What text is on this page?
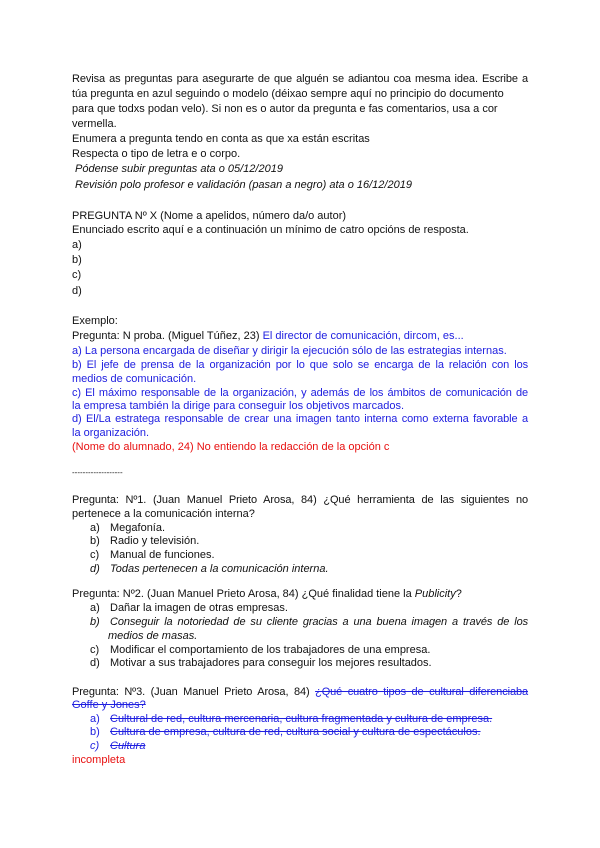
Revisa as preguntas para asegurarte de que alguén se adiantou coa mesma idea. Escribe a
túa pregunta en azul seguindo o modelo (déixao sempre aquí no principio do documento
para que todxs podan velo). Si non es o autor da pregunta e fas comentarios, usa a cor
vermella.
Enumera a pregunta tendo en conta as que xa están escritas
Respecta o tipo de letra e o corpo.
Pódense subir preguntas ata o 05/12/2019
Revisión polo profesor e validación (pasan a negro) ata o 16/12/2019
PREGUNTA Nº X (Nome a apelidos, número da/o autor)
Enunciado escrito aquí e a continuación un mínimo de catro opcións de resposta.
a)
b)
c)
d)
Exemplo:
Pregunta: N proba. (Miguel Túñez, 23) El director de comunicación, dircom, es...
a) La persona encargada de diseñar y dirigir la ejecución sólo de las estrategias internas.
b) El jefe de prensa de la organización por lo que solo se encarga de la relación con los
medios de comunicación.
c) El máximo responsable de la organización, y además de los ámbitos de comunicación de
la empresa también la dirige para conseguir los objetivos marcados.
d) El/La estratega responsable de crear una imagen tanto interna como externa favorable a
la organización.
(Nome do alumnado, 24) No entiendo la redacción de la opción c
-------------------
Pregunta: Nº1. (Juan Manuel Prieto Arosa, 84) ¿Qué herramienta de las siguientes no
pertenece a la comunicación interna?
a) Megafonía.
b) Radio y televisión.
c) Manual de funciones.
d) Todas pertenecen a la comunicación interna.
Pregunta: Nº2. (Juan Manuel Prieto Arosa, 84) ¿Qué finalidad tiene la Publicity?
a) Dañar la imagen de otras empresas.
b) Conseguir la notoriedad de su cliente gracias a una buena imagen a través de los
medios de masas.
c) Modificar el comportamiento de los trabajadores de una empresa.
d) Motivar a sus trabajadores para conseguir los mejores resultados.
Pregunta: Nº3. (Juan Manuel Prieto Arosa, 84) ¿Qué cuatro tipos de cultural diferenciaba
Goffe y Jones?
a) Cultural de red, cultura mercenaria, cultura fragmentada y cultura de empresa.
b) Cultura de empresa, cultura de red, cultura social y cultura de espectáculos.
c) Cultura
incompleta
